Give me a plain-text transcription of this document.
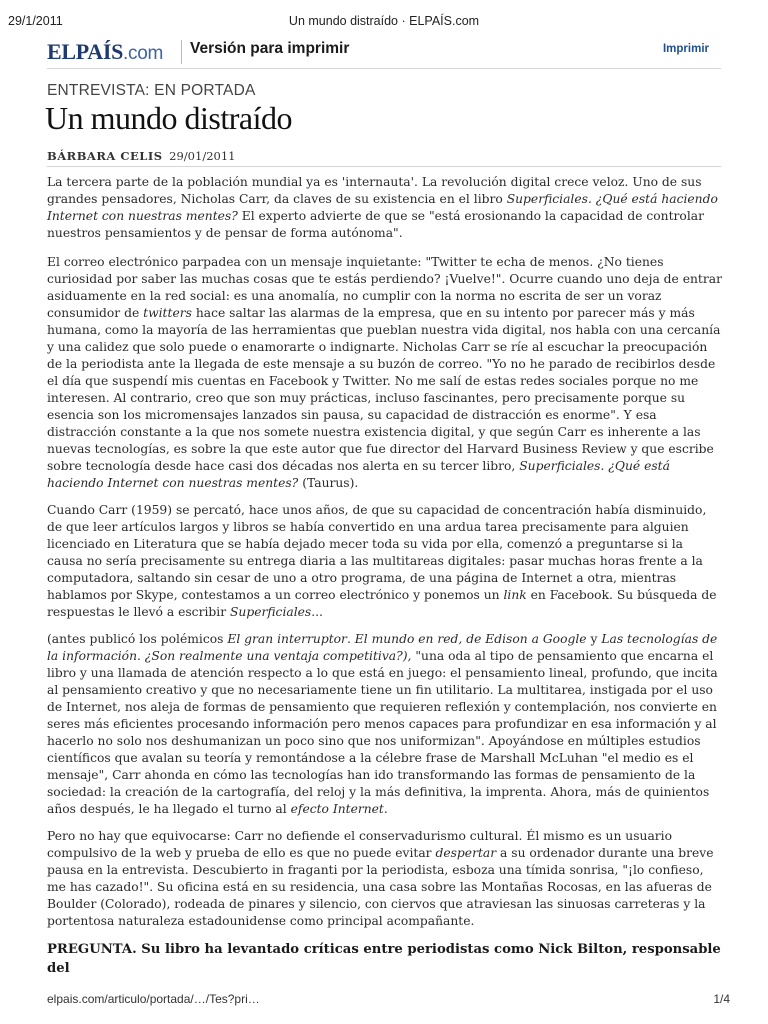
29/1/2011	Un mundo distraído · ELPAÍS.com
ELPAÍS.com Versión para imprimir	Imprimir
ENTREVISTA: EN PORTADA
Un mundo distraído
BÁRBARA CELIS 29/01/2011

La tercera parte de la población mundial ya es 'internauta'. La revolución digital crece veloz. Uno de sus grandes pensadores, Nicholas Carr, da claves de su existencia en el libro Superficiales. ¿Qué está haciendo Internet con nuestras mentes? El experto advierte de que se "está erosionando la capacidad de controlar nuestros pensamientos y de pensar de forma autónoma".

El correo electrónico parpadea con un mensaje inquietante: "Twitter te echa de menos. ¿No tienes curiosidad por saber las muchas cosas que te estás perdiendo? ¡Vuelve!". Ocurre cuando uno deja de entrar asiduamente en la red social: es una anomalía, no cumplir con la norma no escrita de ser un voraz consumidor de twitters hace saltar las alarmas de la empresa, que en su intento por parecer más y más humana, como la mayoría de las herramientas que pueblan nuestra vida digital, nos habla con una cercanía y una calidez que solo puede o enamorarte o indignarte. Nicholas Carr se ríe al escuchar la preocupación de la periodista ante la llegada de este mensaje a su buzón de correo. "Yo no he parado de recibirlos desde el día que suspendí mis cuentas en Facebook y Twitter. No me salí de estas redes sociales porque no me interesen. Al contrario, creo que son muy prácticas, incluso fascinantes, pero precisamente porque su esencia son los micromensajes lanzados sin pausa, su capacidad de distracción es enorme". Y esa distracción constante a la que nos somete nuestra existencia digital, y que según Carr es inherente a las nuevas tecnologías, es sobre la que este autor que fue director del Harvard Business Review y que escribe sobre tecnología desde hace casi dos décadas nos alerta en su tercer libro, Superficiales. ¿Qué está haciendo Internet con nuestras mentes? (Taurus).

Cuando Carr (1959) se percató, hace unos años, de que su capacidad de concentración había disminuido, de que leer artículos largos y libros se había convertido en una ardua tarea precisamente para alguien licenciado en Literatura que se había dejado mecer toda su vida por ella, comenzó a preguntarse si la causa no sería precisamente su entrega diaria a las multitareas digitales: pasar muchas horas frente a la computadora, saltando sin cesar de uno a otro programa, de una página de Internet a otra, mientras hablamos por Skype, contestamos a un correo electrónico y ponemos un link en Facebook. Su búsqueda de respuestas le llevó a escribir Superficiales...

(antes publicó los polémicos El gran interruptor. El mundo en red, de Edison a Google y Las tecnologías de la información. ¿Son realmente una ventaja competitiva?), "una oda al tipo de pensamiento que encarna el libro y una llamada de atención respecto a lo que está en juego: el pensamiento lineal, profundo, que incita al pensamiento creativo y que no necesariamente tiene un fin utilitario. La multitarea, instigada por el uso de Internet, nos aleja de formas de pensamiento que requieren reflexión y contemplación, nos convierte en seres más eficientes procesando información pero menos capaces para profundizar en esa información y al hacerlo no solo nos deshumanizan un poco sino que nos uniformizan". Apoyándose en múltiples estudios científicos que avalan su teoría y remontándose a la célebre frase de Marshall McLuhan "el medio es el mensaje", Carr ahonda en cómo las tecnologías han ido transformando las formas de pensamiento de la sociedad: la creación de la cartografía, del reloj y la más definitiva, la imprenta. Ahora, más de quinientos años después, le ha llegado el turno al efecto Internet.

Pero no hay que equivocarse: Carr no defiende el conservadurismo cultural. Él mismo es un usuario compulsivo de la web y prueba de ello es que no puede evitar despertar a su ordenador durante una breve pausa en la entrevista. Descubierto in fraganti por la periodista, esboza una tímida sonrisa, "¡lo confieso, me has cazado!". Su oficina está en su residencia, una casa sobre las Montañas Rocosas, en las afueras de Boulder (Colorado), rodeada de pinares y silencio, con ciervos que atraviesan las sinuosas carreteras y la portentosa naturaleza estadounidense como principal acompañante.

PREGUNTA. Su libro ha levantado críticas entre periodistas como Nick Bilton, responsable del

elpais.com/articulo/portada/…/Tes?pri…	1/4
